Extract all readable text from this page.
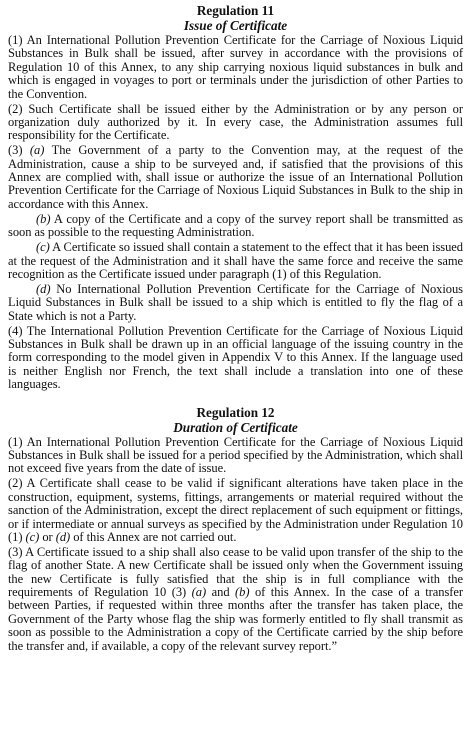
Regulation 11
Issue of Certificate

(1) An International Pollution Prevention Certificate for the Carriage of Noxious Liquid Substances in Bulk shall be issued, after survey in accordance with the provisions of Regulation 10 of this Annex, to any ship carrying noxious liquid substances in bulk and which is engaged in voyages to port or terminals under the jurisdiction of other Parties to the Convention.

(2) Such Certificate shall be issued either by the Administration or by any person or organization duly authorized by it. In every case, the Administration assumes full responsibility for the Certificate.

(3) (a) The Government of a party to the Convention may, at the request of the Administration, cause a ship to be surveyed and, if satisfied that the provisions of this Annex are complied with, shall issue or authorize the issue of an International Pollution Prevention Certificate for the Carriage of Noxious Liquid Substances in Bulk to the ship in accordance with this Annex.

(b) A copy of the Certificate and a copy of the survey report shall be transmitted as soon as possible to the requesting Administration.

(c) A Certificate so issued shall contain a statement to the effect that it has been issued at the request of the Administration and it shall have the same force and receive the same recognition as the Certificate issued under paragraph (1) of this Regulation.

(d) No International Pollution Prevention Certificate for the Carriage of Noxious Liquid Substances in Bulk shall be issued to a ship which is entitled to fly the flag of a State which is not a Party.

(4) The International Pollution Prevention Certificate for the Carriage of Noxious Liquid Substances in Bulk shall be drawn up in an official language of the issuing country in the form corresponding to the model given in Appendix V to this Annex. If the language used is neither English nor French, the text shall include a translation into one of these languages.

Regulation 12
Duration of Certificate

(1) An International Pollution Prevention Certificate for the Carriage of Noxious Liquid Substances in Bulk shall be issued for a period specified by the Administration, which shall not exceed five years from the date of issue.

(2) A Certificate shall cease to be valid if significant alterations have taken place in the construction, equipment, systems, fittings, arrangements or material required without the sanction of the Administration, except the direct replacement of such equipment or fittings, or if intermediate or annual surveys as specified by the Administration under Regulation 10 (1) (c) or (d) of this Annex are not carried out.

(3) A Certificate issued to a ship shall also cease to be valid upon transfer of the ship to the flag of another State. A new Certificate shall be issued only when the Government issuing the new Certificate is fully satisfied that the ship is in full compliance with the requirements of Regulation 10 (3) (a) and (b) of this Annex. In the case of a transfer between Parties, if requested within three months after the transfer has taken place, the Government of the Party whose flag the ship was formerly entitled to fly shall transmit as soon as possible to the Administration a copy of the Certificate carried by the ship before the transfer and, if available, a copy of the relevant survey report.”
